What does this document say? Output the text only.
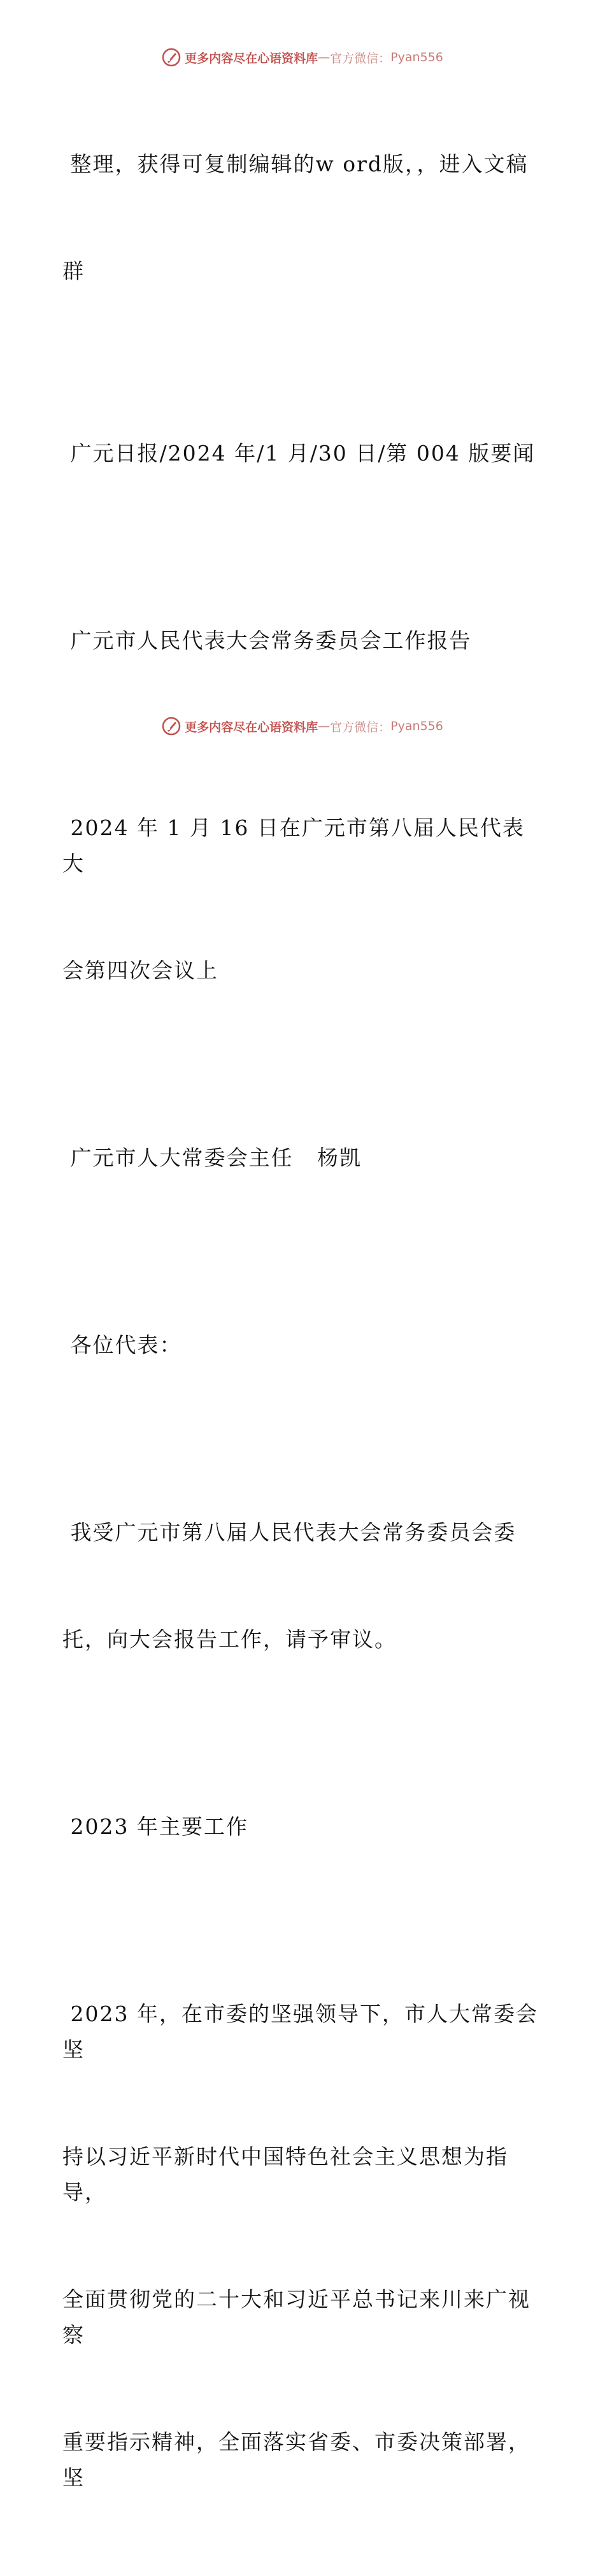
更多内容尽在心语资料库 — 官方微信： Pyan556

整理，获得可复制编辑的w ord版，，进入文稿

群

广元日报/2024 年/1 月/30 日/第 004 版要闻

广元市人民代表大会常务委员会工作报告

2024 年 1 月 16 日在广元市第八届人民代表大

会第四次会议上

广元市人大常委会主任   杨凯

各位代表：

我受广元市第八届人民代表大会常务委员会委

托，向大会报告工作，请予审议。

2023 年主要工作

2023 年，在市委的坚强领导下，市人大常委会坚

持以习近平新时代中国特色社会主义思想为指导，

全面贯彻党的二十大和习近平总书记来川来广视察

重要指示精神，全面落实省委、市委决策部署，坚

更多内容尽在心语资料库 — 官方微信： Pyan556
